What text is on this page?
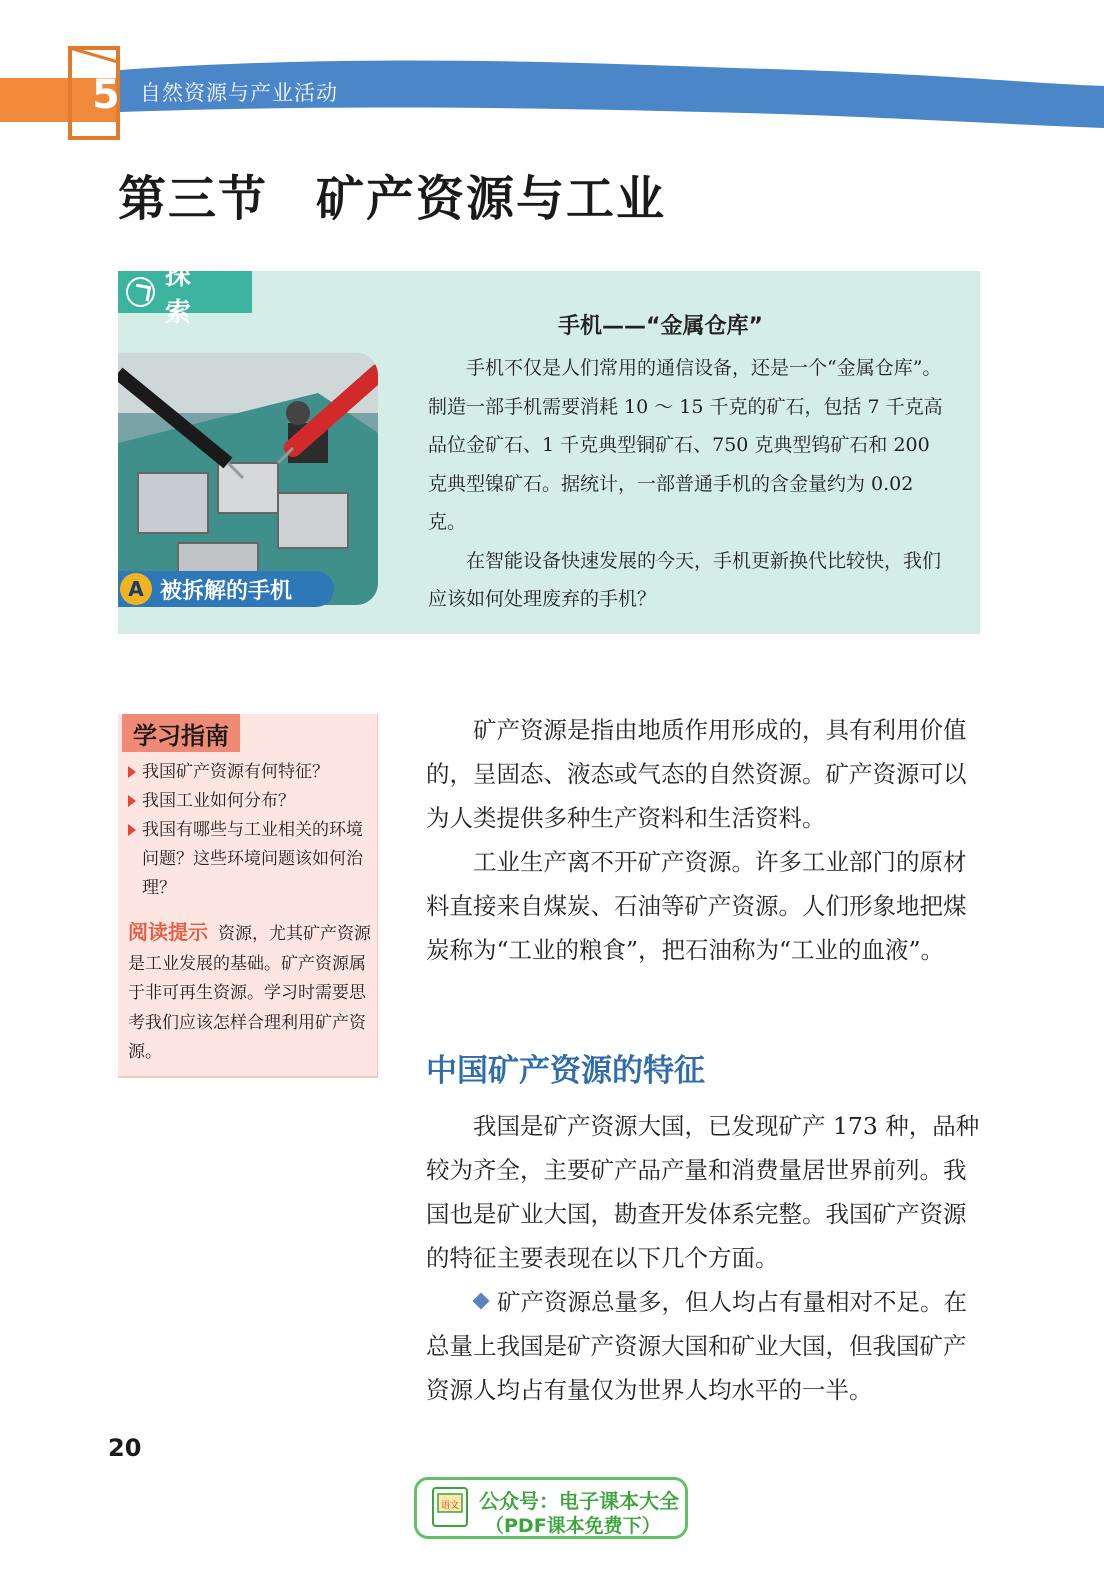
5 自然资源与产业活动
第三节 矿产资源与工业
探 索
A 被拆解的手机
手机——“金属仓库”

手机不仅是人们常用的通信设备，还是一个“金属仓库”。制造一部手机需要消耗 10 ～ 15 千克的矿石，包括 7 千克高品位金矿石、1 千克典型铜矿石、750 克典型钨矿石和 200 克典型镍矿石。据统计，一部普通手机的含金量约为 0.02 克。

在智能设备快速发展的今天，手机更新换代比较快，我们应该如何处理废弃的手机？

学习指南
我国矿产资源有何特征？
我国工业如何分布？
我国有哪些与工业相关的环境问题？这些环境问题该如何治理？
阅读提示 资源，尤其矿产资源是工业发展的基础。矿产资源属于非可再生资源。学习时需要思考我们应该怎样合理利用矿产资源。

矿产资源是指由地质作用形成的，具有利用价值的，呈固态、液态或气态的自然资源。矿产资源可以为人类提供多种生产资料和生活资料。

工业生产离不开矿产资源。许多工业部门的原材料直接来自煤炭、石油等矿产资源。人们形象地把煤炭称为“工业的粮食”，把石油称为“工业的血液”。

中国矿产资源的特征

我国是矿产资源大国，已发现矿产 173 种，品种较为齐全，主要矿产品产量和消费量居世界前列。我国也是矿业大国，勘查开发体系完整。我国矿产资源的特征主要表现在以下几个方面。

矿产资源总量多，但人均占有量相对不足。在总量上我国是矿产资源大国和矿业大国，但我国矿产资源人均占有量仅为世界人均水平的一半。

20
语文 公众号：电子课本大全
（PDF课本免费下）
